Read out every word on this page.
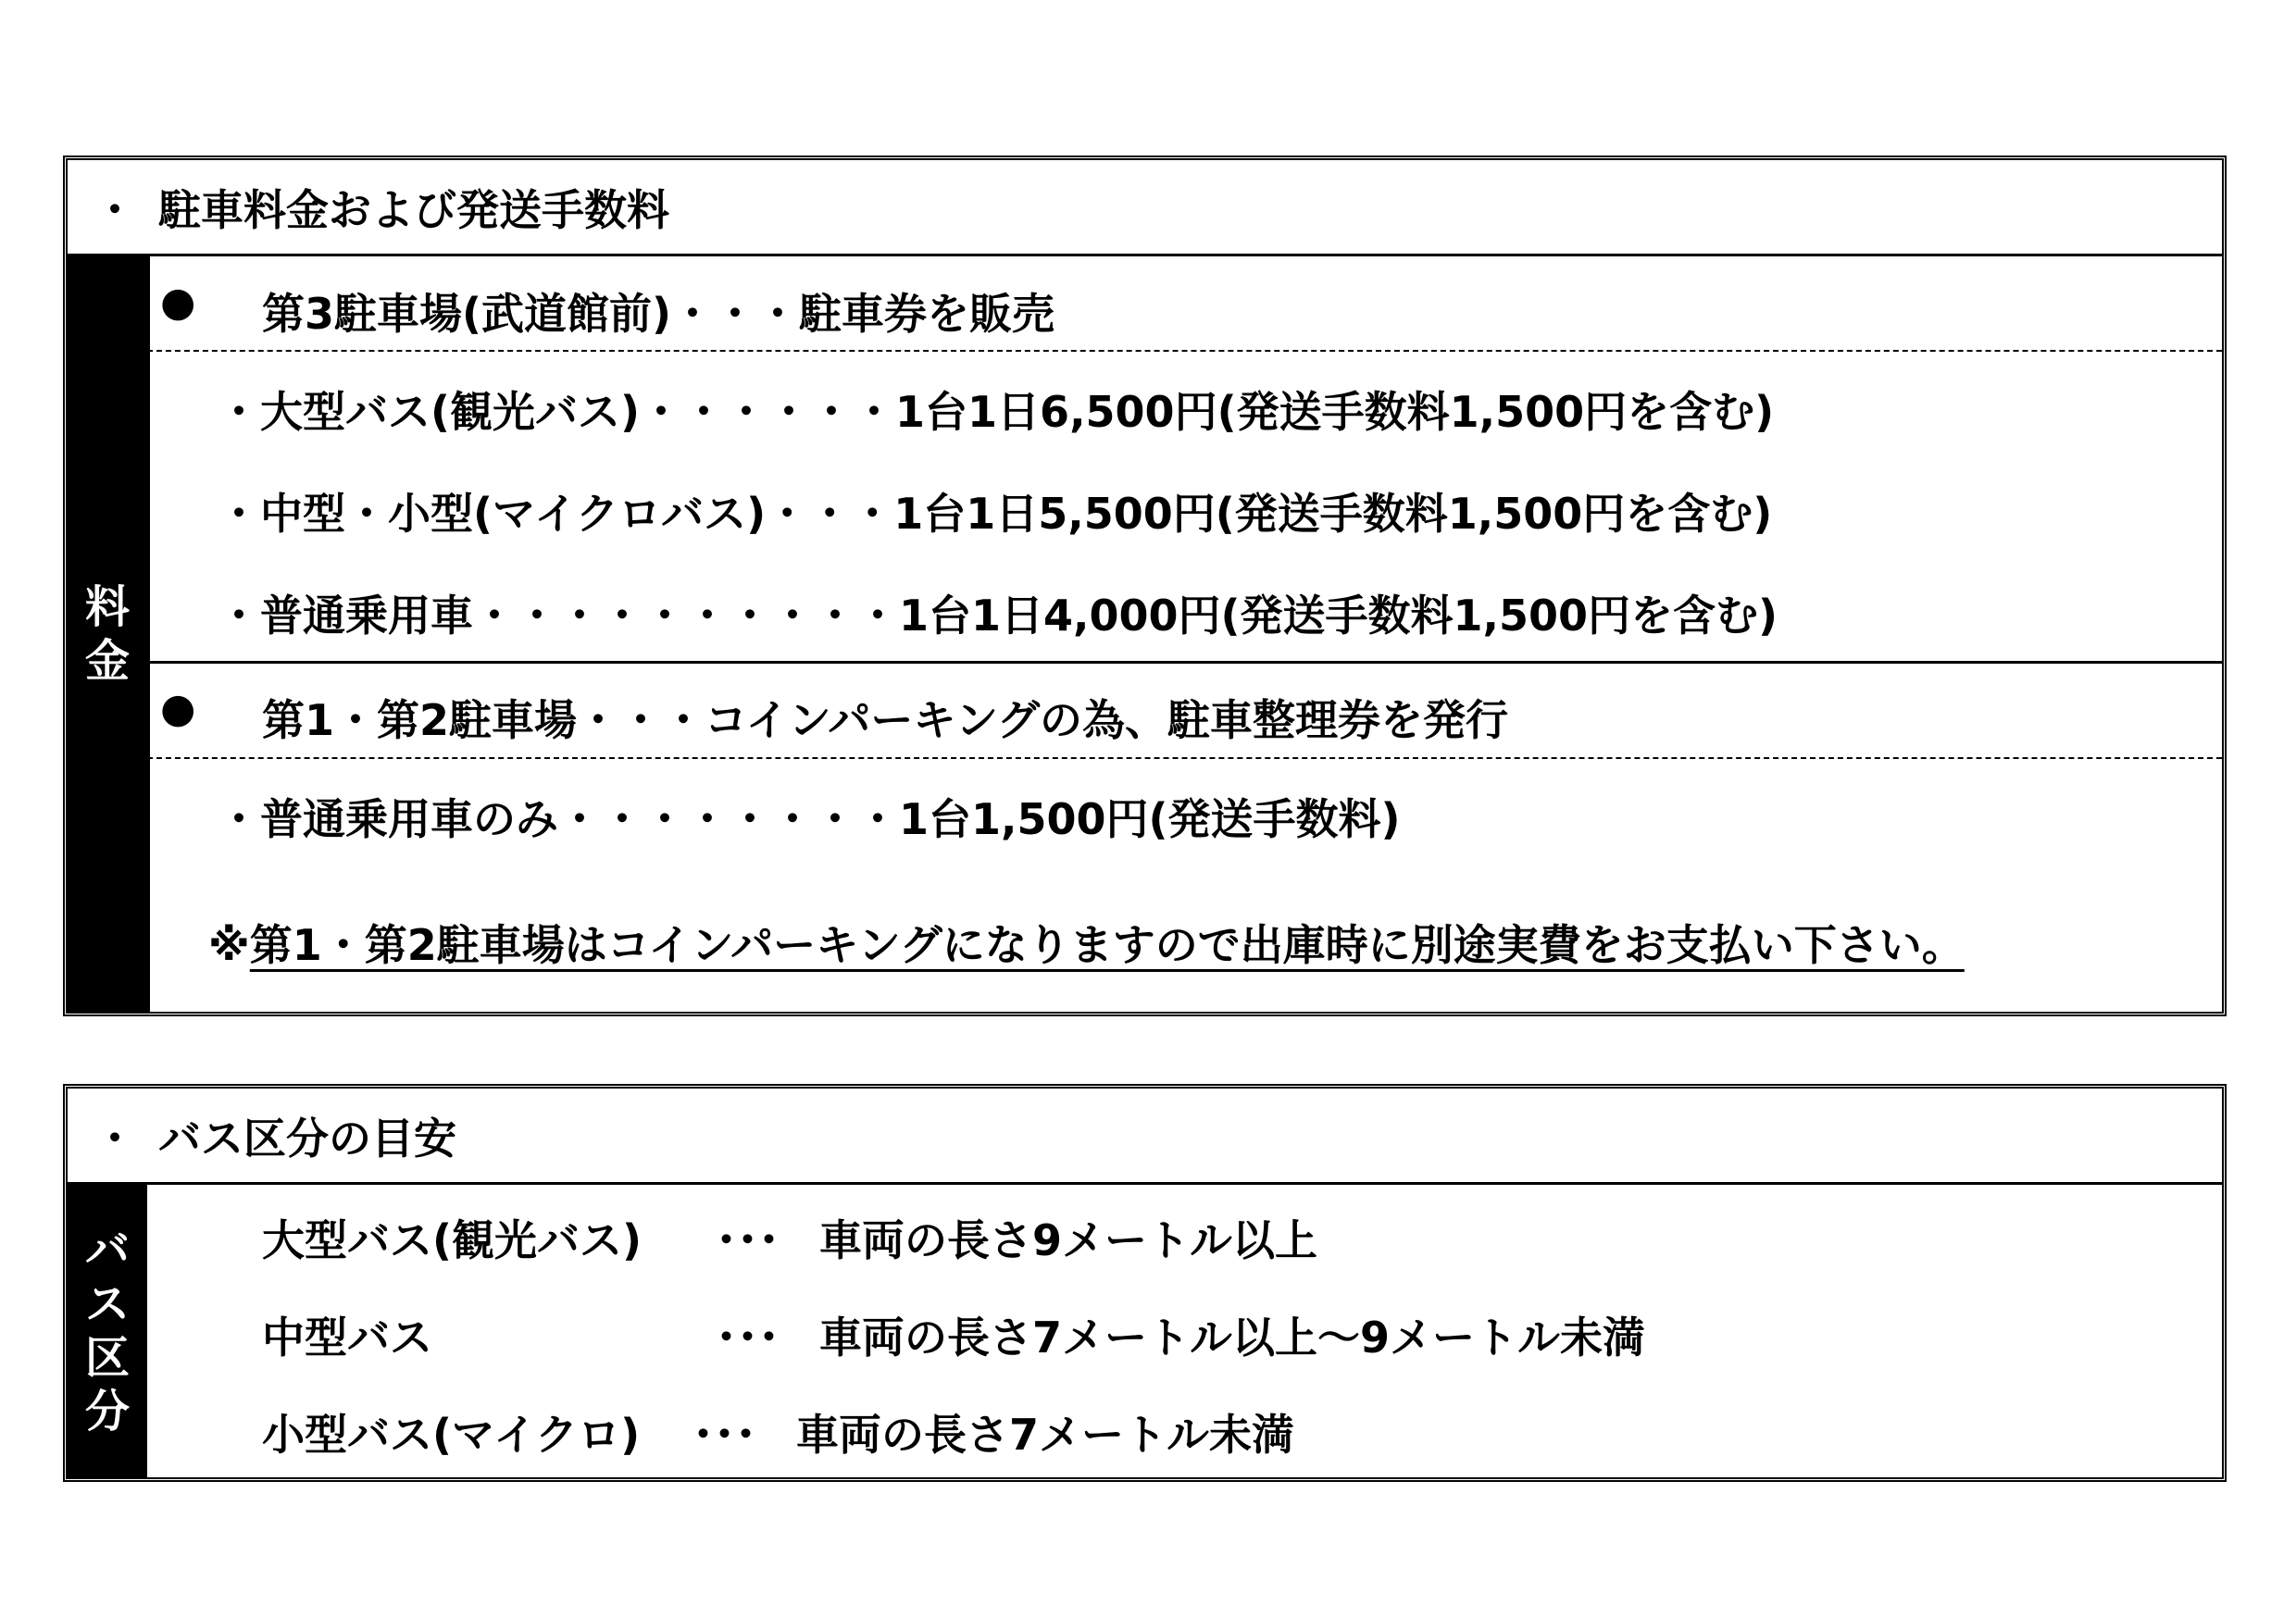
・ 駐車料金および発送手数料
料
金
● 第3駐車場(武道館前)・・・駐車券を販売
・大型バス(観光バス)・・・・・・1台1日6,500円(発送手数料1,500円を含む)
・中型・小型(マイクロバス)・・・1台1日5,500円(発送手数料1,500円を含む)
・普通乗用車・・・・・・・・・・1台1日4,000円(発送手数料1,500円を含む)
● 第1・第2駐車場・・・コインパーキングの為、駐車整理券を発行
・普通乗用車のみ・・・・・・・・1台1,500円(発送手数料)
※第1・第2駐車場はコインパーキングになりますので出庫時に別途実費をお支払い下さい。
・ バス区分の目安
バ
ス
区
分
大型バス(観光バス) ･･･ 車両の長さ9メートル以上
中型バス	･･･ 車両の長さ7メートル以上～9メートル未満
小型バス(マイクロ) ･･･ 車両の長さ7メートル未満
